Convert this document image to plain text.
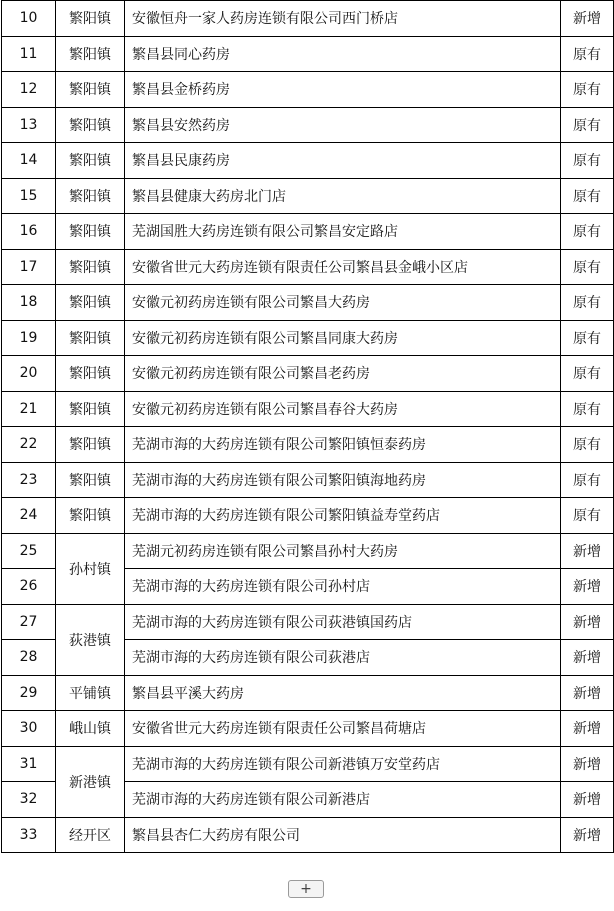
10	繁阳镇	安徽恒舟一家人药房连锁有限公司西门桥店	新增
11	繁阳镇	繁昌县同心药房	原有
12	繁阳镇	繁昌县金桥药房	原有
13	繁阳镇	繁昌县安然药房	原有
14	繁阳镇	繁昌县民康药房	原有
15	繁阳镇	繁昌县健康大药房北门店	原有
16	繁阳镇	芜湖国胜大药房连锁有限公司繁昌安定路店	原有
17	繁阳镇	安徽省世元大药房连锁有限责任公司繁昌县金峨小区店	原有
18	繁阳镇	安徽元初药房连锁有限公司繁昌大药房	原有
19	繁阳镇	安徽元初药房连锁有限公司繁昌同康大药房	原有
20	繁阳镇	安徽元初药房连锁有限公司繁昌老药房	原有
21	繁阳镇	安徽元初药房连锁有限公司繁昌春谷大药房	原有
22	繁阳镇	芜湖市海的大药房连锁有限公司繁阳镇恒泰药房	原有
23	繁阳镇	芜湖市海的大药房连锁有限公司繁阳镇海地药房	原有
24	繁阳镇	芜湖市海的大药房连锁有限公司繁阳镇益寿堂药店	原有
25	孙村镇	芜湖元初药房连锁有限公司繁昌孙村大药房	新增
26		芜湖市海的大药房连锁有限公司孙村店	新增
27	荻港镇	芜湖市海的大药房连锁有限公司荻港镇国药店	新增
28		芜湖市海的大药房连锁有限公司荻港店	新增
29	平铺镇	繁昌县平溪大药房	新增
30	峨山镇	安徽省世元大药房连锁有限责任公司繁昌荷塘店	新增
31	新港镇	芜湖市海的大药房连锁有限公司新港镇万安堂药店	新增
32		芜湖市海的大药房连锁有限公司新港店	新增
33	经开区	繁昌县杏仁大药房有限公司	新增
+
